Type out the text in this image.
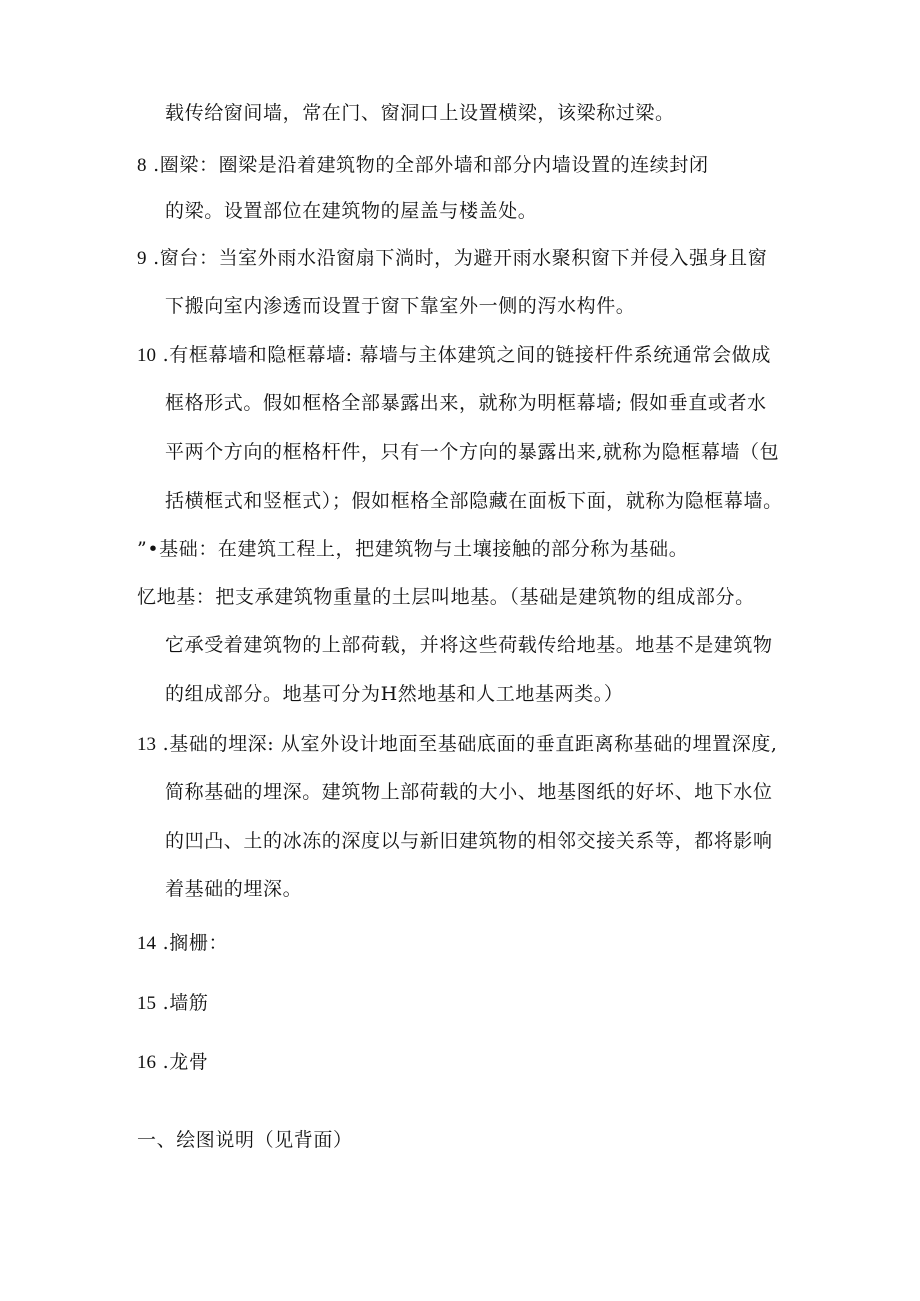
载传给窗间墙，常在门、窗洞口上设置横梁，该梁称过梁。
8 .圈梁：圈梁是沿着建筑物的全部外墙和部分内墙设置的连续封闭
的梁。设置部位在建筑物的屋盖与楼盖处。
9 .窗台：当室外雨水沿窗扇下淌时，为避开雨水聚积窗下并侵入强身且窗
下搬向室内渗透而设置于窗下靠室外一侧的泻水构件。
10 .有框幕墙和隐框幕墙: 幕墙与主体建筑之间的链接杆件系统通常会做成
框格形式。假如框格全部暴露出来，就称为明框幕墙; 假如垂直或者水
平两个方向的框格杆件，只有一个方向的暴露出来,就称为隐框幕墙（包
括横框式和竖框式）；假如框格全部隐藏在面板下面，就称为隐框幕墙。
”•基础：在建筑工程上，把建筑物与土壤接触的部分称为基础。
忆地基：把支承建筑物重量的土层叫地基。（基础是建筑物的组成部分。
它承受着建筑物的上部荷载，并将这些荷载传给地基。地基不是建筑物
的组成部分。地基可分为H然地基和人工地基两类。）
13 .基础的埋深: 从室外设计地面至基础底面的垂直距离称基础的埋置深度,
简称基础的埋深。建筑物上部荷载的大小、地基图纸的好坏、地下水位
的凹凸、土的冰冻的深度以与新旧建筑物的相邻交接关系等，都将影响
着基础的埋深。
14 .搁栅：
15 .墙筋
16 .龙骨
一、绘图说明（见背面）
